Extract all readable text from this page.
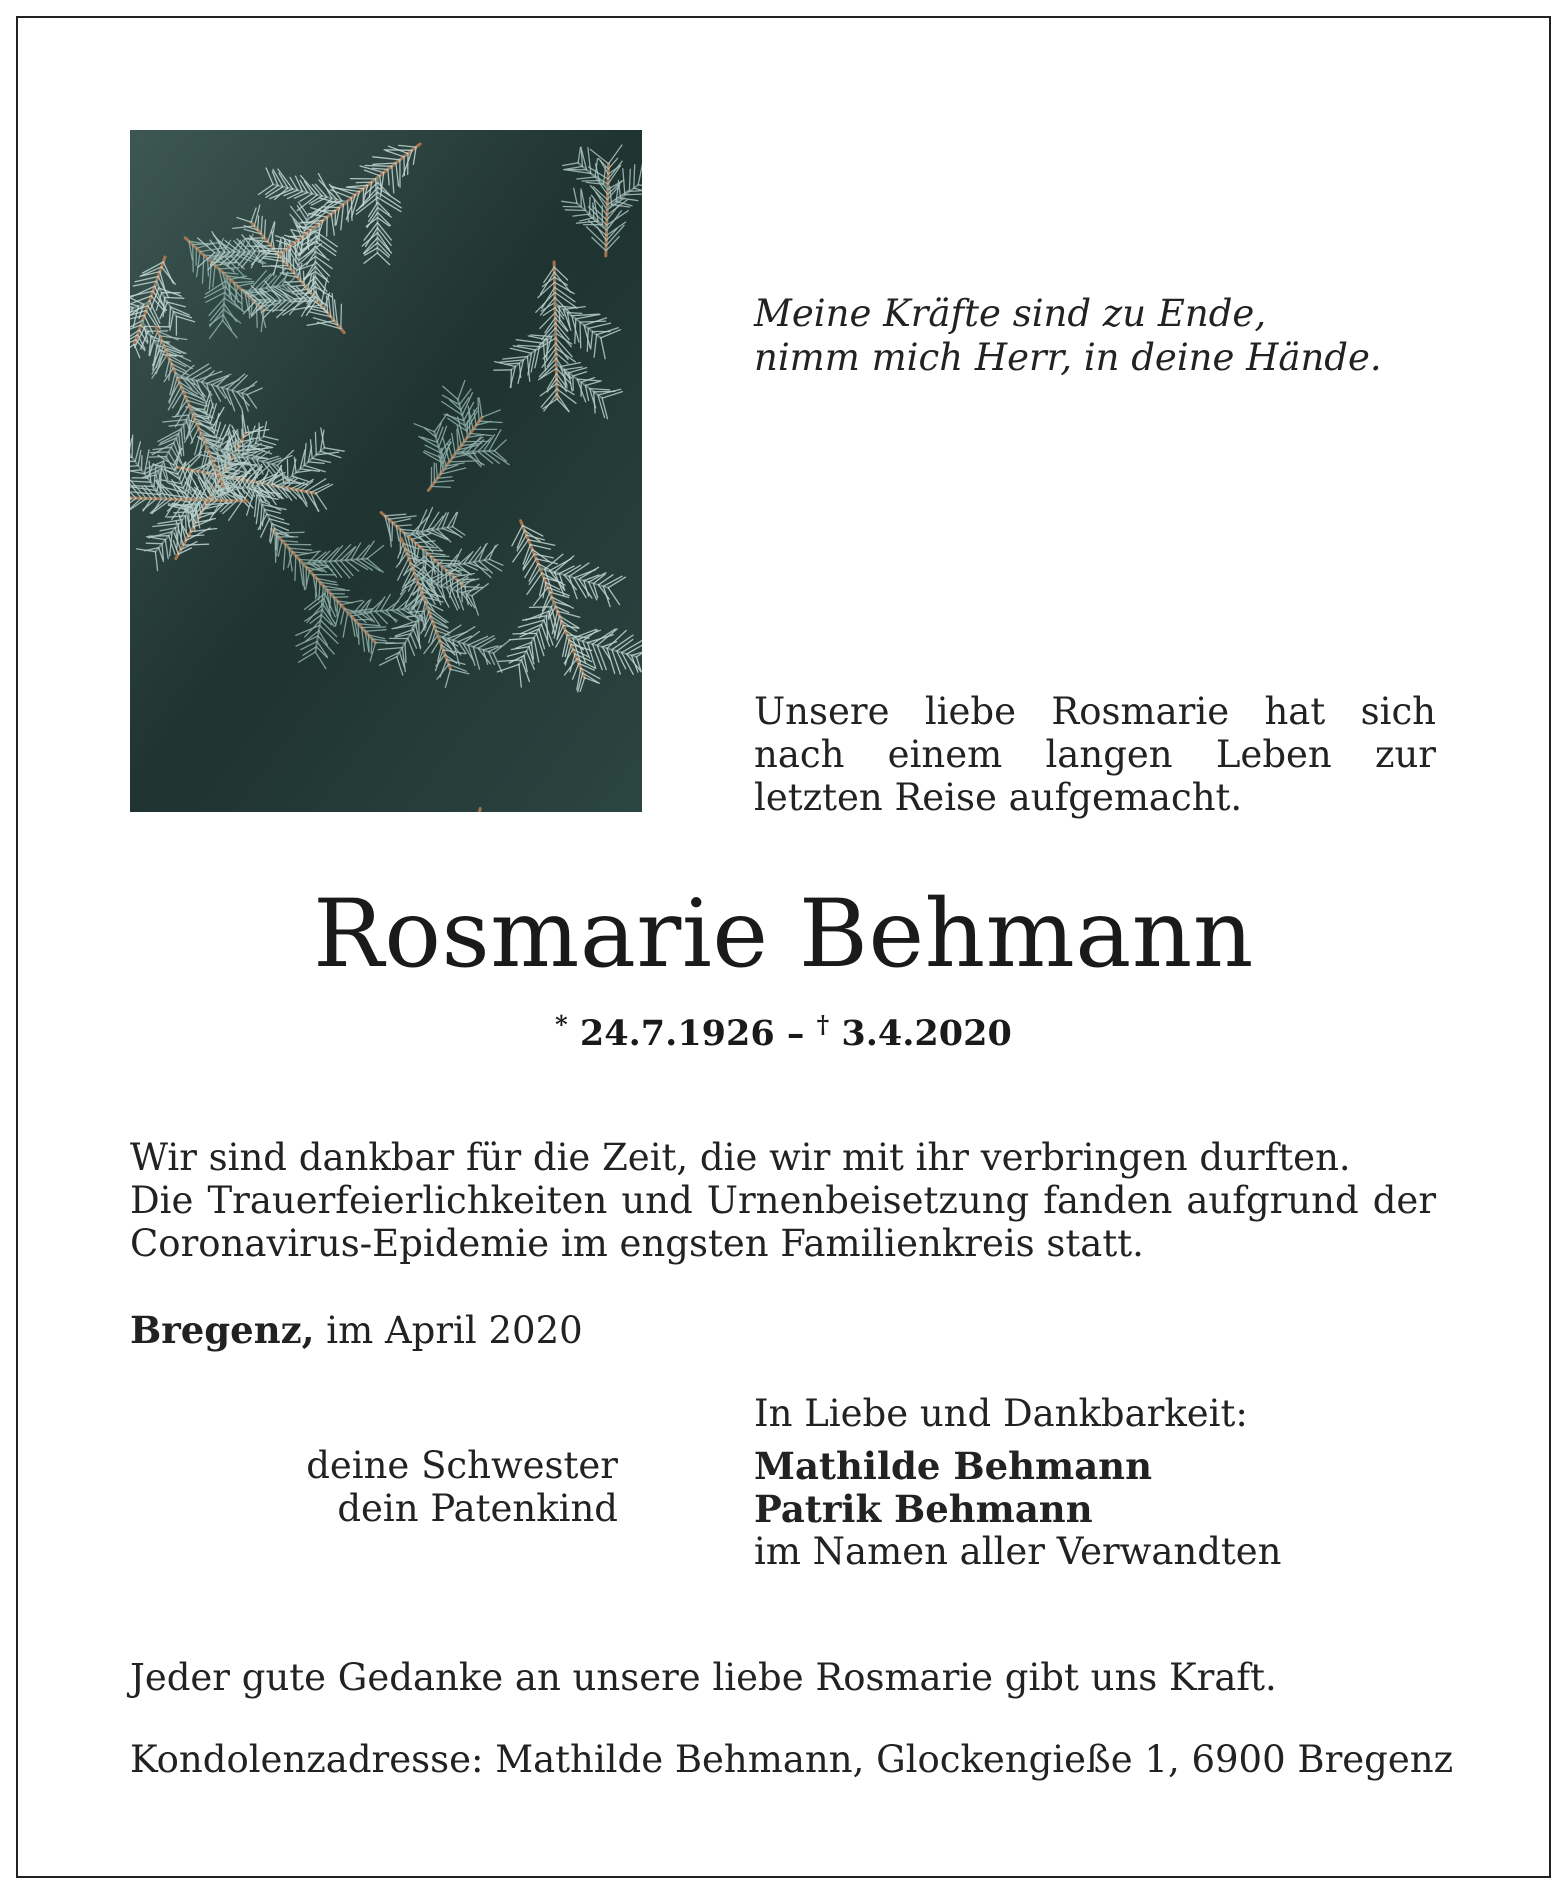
Meine Kräfte sind zu Ende,
nimm mich Herr, in deine Hände.
Unsere liebe Rosmarie hat sich nach einem langen Leben zur letzten Reise aufgemacht.
Rosmarie Behmann
* 24.7.1926 – † 3.4.2020
Wir sind dankbar für die Zeit, die wir mit ihr verbringen durften.
Die Trauerfeierlichkeiten und Urnenbeisetzung fanden aufgrund der Coronavirus-Epidemie im engsten Familienkreis statt.
Bregenz, im April 2020
In Liebe und Dankbarkeit:
deine Schwester	Mathilde Behmann
dein Patenkind	Patrik Behmann
im Namen aller Verwandten
Jeder gute Gedanke an unsere liebe Rosmarie gibt uns Kraft.
Kondolenzadresse: Mathilde Behmann, Glockengieße 1, 6900 Bregenz
